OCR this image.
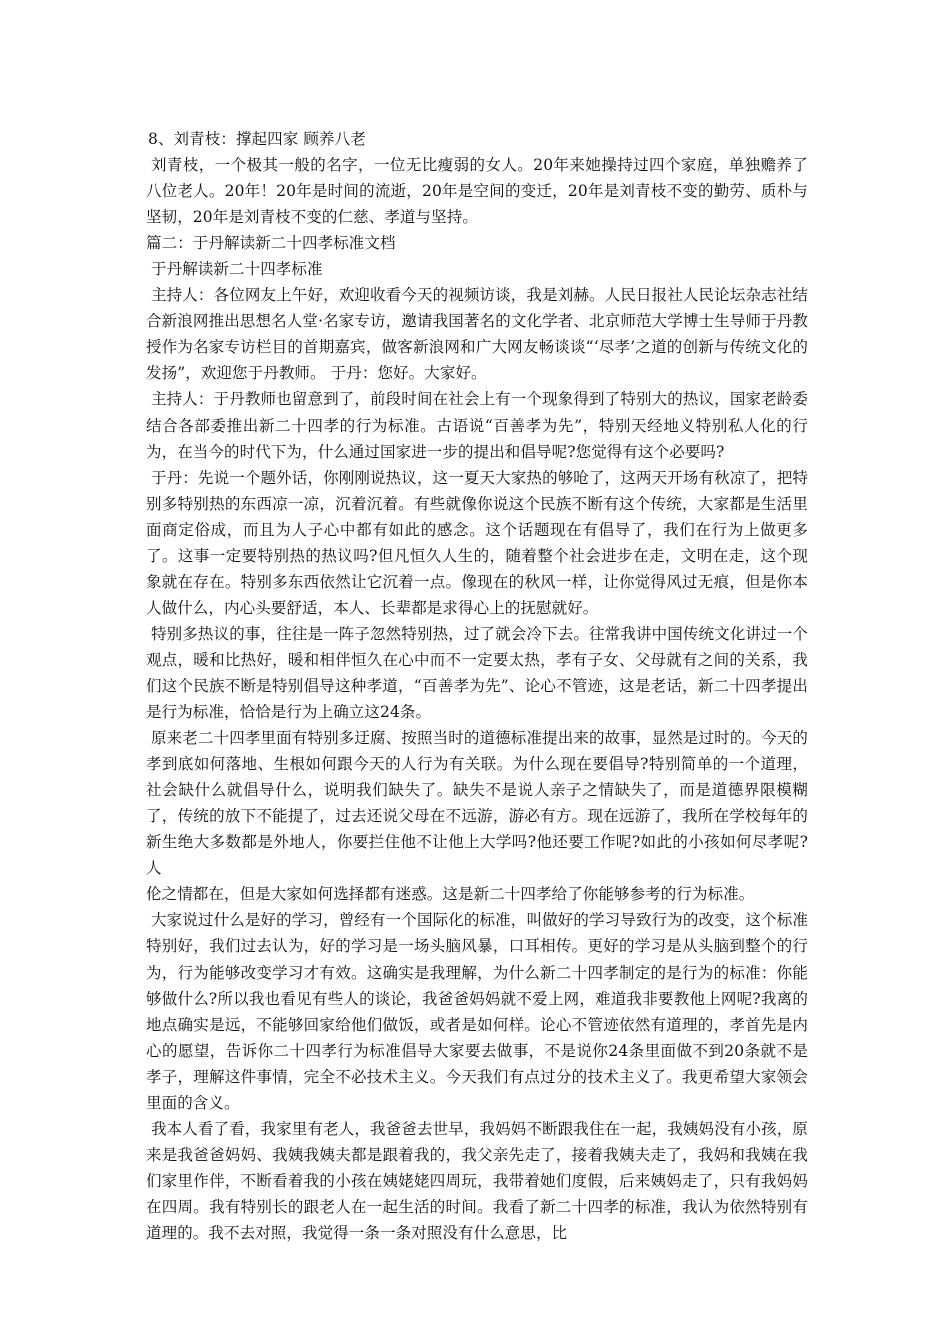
8、刘青枝：撑起四家 顾养八老

刘青枝，一个极其一般的名字，一位无比瘦弱的女人。20年来她操持过四个家庭，单独赡养了八位老人。20年！20年是时间的流逝，20年是空间的变迁，20年是刘青枝不变的勤劳、质朴与坚韧，20年是刘青枝不变的仁慈、孝道与坚持。

篇二：于丹解读新二十四孝标准文档

于丹解读新二十四孝标准

主持人：各位网友上午好，欢迎收看今天的视频访谈，我是刘赫。人民日报社人民论坛杂志社结合新浪网推出思想名人堂·名家专访，邀请我国著名的文化学者、北京师范大学博士生导师于丹教授作为名家专访栏目的首期嘉宾，做客新浪网和广大网友畅谈谈“‘尽孝’之道的创新与传统文化的发扬”，欢迎您于丹教师。 于丹：您好。大家好。

主持人：于丹教师也留意到了，前段时间在社会上有一个现象得到了特别大的热议，国家老龄委结合各部委推出新二十四孝的行为标准。古语说“百善孝为先”，特别天经地义特别私人化的行为，在当今的时代下为，什么通过国家进一步的提出和倡导呢?您觉得有这个必要吗?

于丹：先说一个题外话，你刚刚说热议，这一夏天大家热的够呛了，这两天开场有秋凉了，把特别多特别热的东西凉一凉，沉着沉着。有些就像你说这个民族不断有这个传统，大家都是生活里面商定俗成，而且为人子心中都有如此的感念。这个话题现在有倡导了，我们在行为上做更多了。这事一定要特别热的热议吗?但凡恒久人生的，随着整个社会进步在走，文明在走，这个现象就在存在。特别多东西依然让它沉着一点。像现在的秋风一样，让你觉得风过无痕，但是你本人做什么，内心头要舒适，本人、长辈都是求得心上的抚慰就好。

特别多热议的事，往往是一阵子忽然特别热，过了就会冷下去。往常我讲中国传统文化讲过一个观点，暖和比热好，暖和相伴恒久在心中而不一定要太热，孝有子女、父母就有之间的关系，我们这个民族不断是特别倡导这种孝道，“百善孝为先”、论心不管迹，这是老话，新二十四孝提出是行为标准，恰恰是行为上确立这24条。

原来老二十四孝里面有特别多迂腐、按照当时的道德标准提出来的故事，显然是过时的。今天的孝到底如何落地、生根如何跟今天的人行为有关联。为什么现在要倡导?特别简单的一个道理，社会缺什么就倡导什么，说明我们缺失了。缺失不是说人亲子之情缺失了，而是道德界限模糊了，传统的放下不能提了，过去还说父母在不远游，游必有方。现在远游了，我所在学校每年的新生绝大多数都是外地人，你要拦住他不让他上大学吗?他还要工作呢?如此的小孩如何尽孝呢?人

伦之情都在，但是大家如何选择都有迷惑。这是新二十四孝给了你能够参考的行为标准。

大家说过什么是好的学习，曾经有一个国际化的标准，叫做好的学习导致行为的改变，这个标准特别好，我们过去认为，好的学习是一场头脑风暴，口耳相传。更好的学习是从头脑到整个的行为，行为能够改变学习才有效。这确实是我理解，为什么新二十四孝制定的是行为的标准：你能够做什么?所以我也看见有些人的谈论，我爸爸妈妈就不爱上网，难道我非要教他上网呢?我离的地点确实是远，不能够回家给他们做饭，或者是如何样。论心不管迹依然有道理的，孝首先是内心的愿望，告诉你二十四孝行为标准倡导大家要去做事，不是说你24条里面做不到20条就不是孝子，理解这件事情，完全不必技术主义。今天我们有点过分的技术主义了。我更希望大家领会里面的含义。

我本人看了看，我家里有老人，我爸爸去世早，我妈妈不断跟我住在一起，我姨妈没有小孩，原来是我爸爸妈妈、我姨我姨夫都是跟着我的，我父亲先走了，接着我姨夫走了，我妈和我姨在我们家里作伴，不断看着我的小孩在姨姥姥四周玩，我带着她们度假，后来姨妈走了，只有我妈妈在四周。我有特别长的跟老人在一起生活的时间。我看了新二十四孝的标准，我认为依然特别有道理的。我不去对照，我觉得一条一条对照没有什么意思，比
